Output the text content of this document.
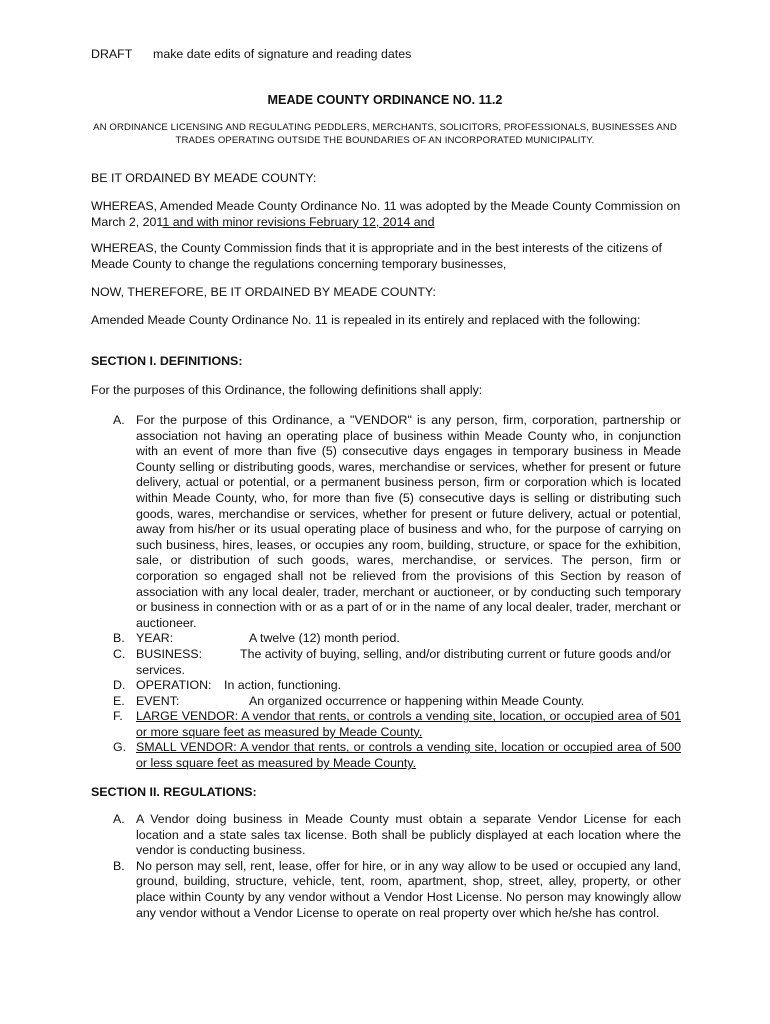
DRAFT make date edits of signature and reading dates
MEADE COUNTY ORDINANCE NO. 11.2
AN ORDINANCE LICENSING AND REGULATING PEDDLERS, MERCHANTS, SOLICITORS, PROFESSIONALS, BUSINESSES AND TRADES OPERATING OUTSIDE THE BOUNDARIES OF AN INCORPORATED MUNICIPALITY.
BE IT ORDAINED BY MEADE COUNTY:
WHEREAS, Amended Meade County Ordinance No. 11 was adopted by the Meade County Commission on March 2, 2011 and with minor revisions February 12, 2014 and
WHEREAS, the County Commission finds that it is appropriate and in the best interests of the citizens of Meade County to change the regulations concerning temporary businesses,
NOW, THEREFORE, BE IT ORDAINED BY MEADE COUNTY:
Amended Meade County Ordinance No. 11 is repealed in its entirely and replaced with the following:
SECTION I. DEFINITIONS:
For the purposes of this Ordinance, the following definitions shall apply:
A. For the purpose of this Ordinance, a "VENDOR" is any person, firm, corporation, partnership or association not having an operating place of business within Meade County who, in conjunction with an event of more than five (5) consecutive days engages in temporary business in Meade County selling or distributing goods, wares, merchandise or services, whether for present or future delivery, actual or potential, or a permanent business person, firm or corporation which is located within Meade County, who, for more than five (5) consecutive days is selling or distributing such goods, wares, merchandise or services, whether for present or future delivery, actual or potential, away from his/her or its usual operating place of business and who, for the purpose of carrying on such business, hires, leases, or occupies any room, building, structure, or space for the exhibition, sale, or distribution of such goods, wares, merchandise, or services. The person, firm or corporation so engaged shall not be relieved from the provisions of this Section by reason of association with any local dealer, trader, merchant or auctioneer, or by conducting such temporary or business in connection with or as a part of or in the name of any local dealer, trader, merchant or auctioneer.
B. YEAR:	A twelve (12) month period.
C. BUSINESS:	The activity of buying, selling, and/or distributing current or future goods and/or services.
D. OPERATION: In action, functioning.
E. EVENT:	An organized occurrence or happening within Meade County.
F. LARGE VENDOR: A vendor that rents, or controls a vending site, location, or occupied area of 501 or more square feet as measured by Meade County.
G. SMALL VENDOR: A vendor that rents, or controls a vending site, location or occupied area of 500 or less square feet as measured by Meade County.
SECTION II. REGULATIONS:
A. A Vendor doing business in Meade County must obtain a separate Vendor License for each location and a state sales tax license. Both shall be publicly displayed at each location where the vendor is conducting business.
B. No person may sell, rent, lease, offer for hire, or in any way allow to be used or occupied any land, ground, building, structure, vehicle, tent, room, apartment, shop, street, alley, property, or other place within County by any vendor without a Vendor Host License. No person may knowingly allow any vendor without a Vendor License to operate on real property over which he/she has control.
